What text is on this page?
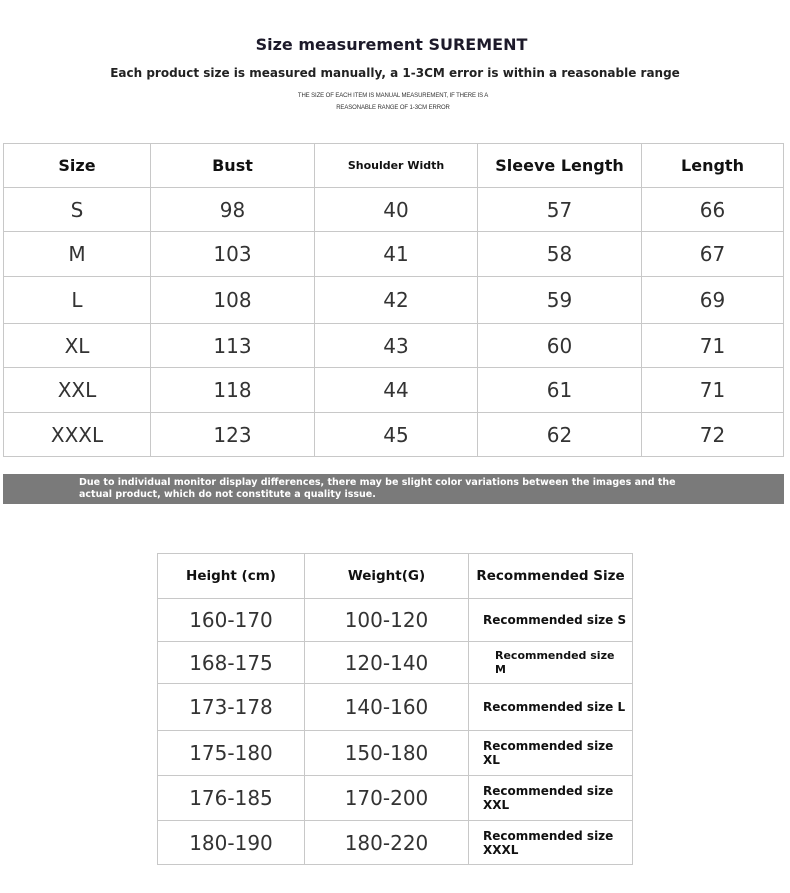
Size measurement SUREMENT
Each product size is measured manually, a 1-3CM error is within a reasonable range
THE SIZE OF EACH ITEM IS MANUAL MEASUREMENT, IF THERE IS A
REASONABLE RANGE OF 1-3CM ERROR
Size	Bust	Shoulder Width	Sleeve Length	Length
S	98	40	57	66
M	103	41	58	67
L	108	42	59	69
XL	113	43	60	71
XXL	118	44	61	71
XXXL	123	45	62	72
Due to individual monitor display differences, there may be slight color variations between the images and the actual product, which do not constitute a quality issue.
Height (cm)	Weight(G)	Recommended Size
160-170	100-120	Recommended size S
168-175	120-140	Recommended size M
173-178	140-160	Recommended size L
175-180	150-180	Recommended size XL
176-185	170-200	Recommended size XXL
180-190	180-220	Recommended size XXXL
